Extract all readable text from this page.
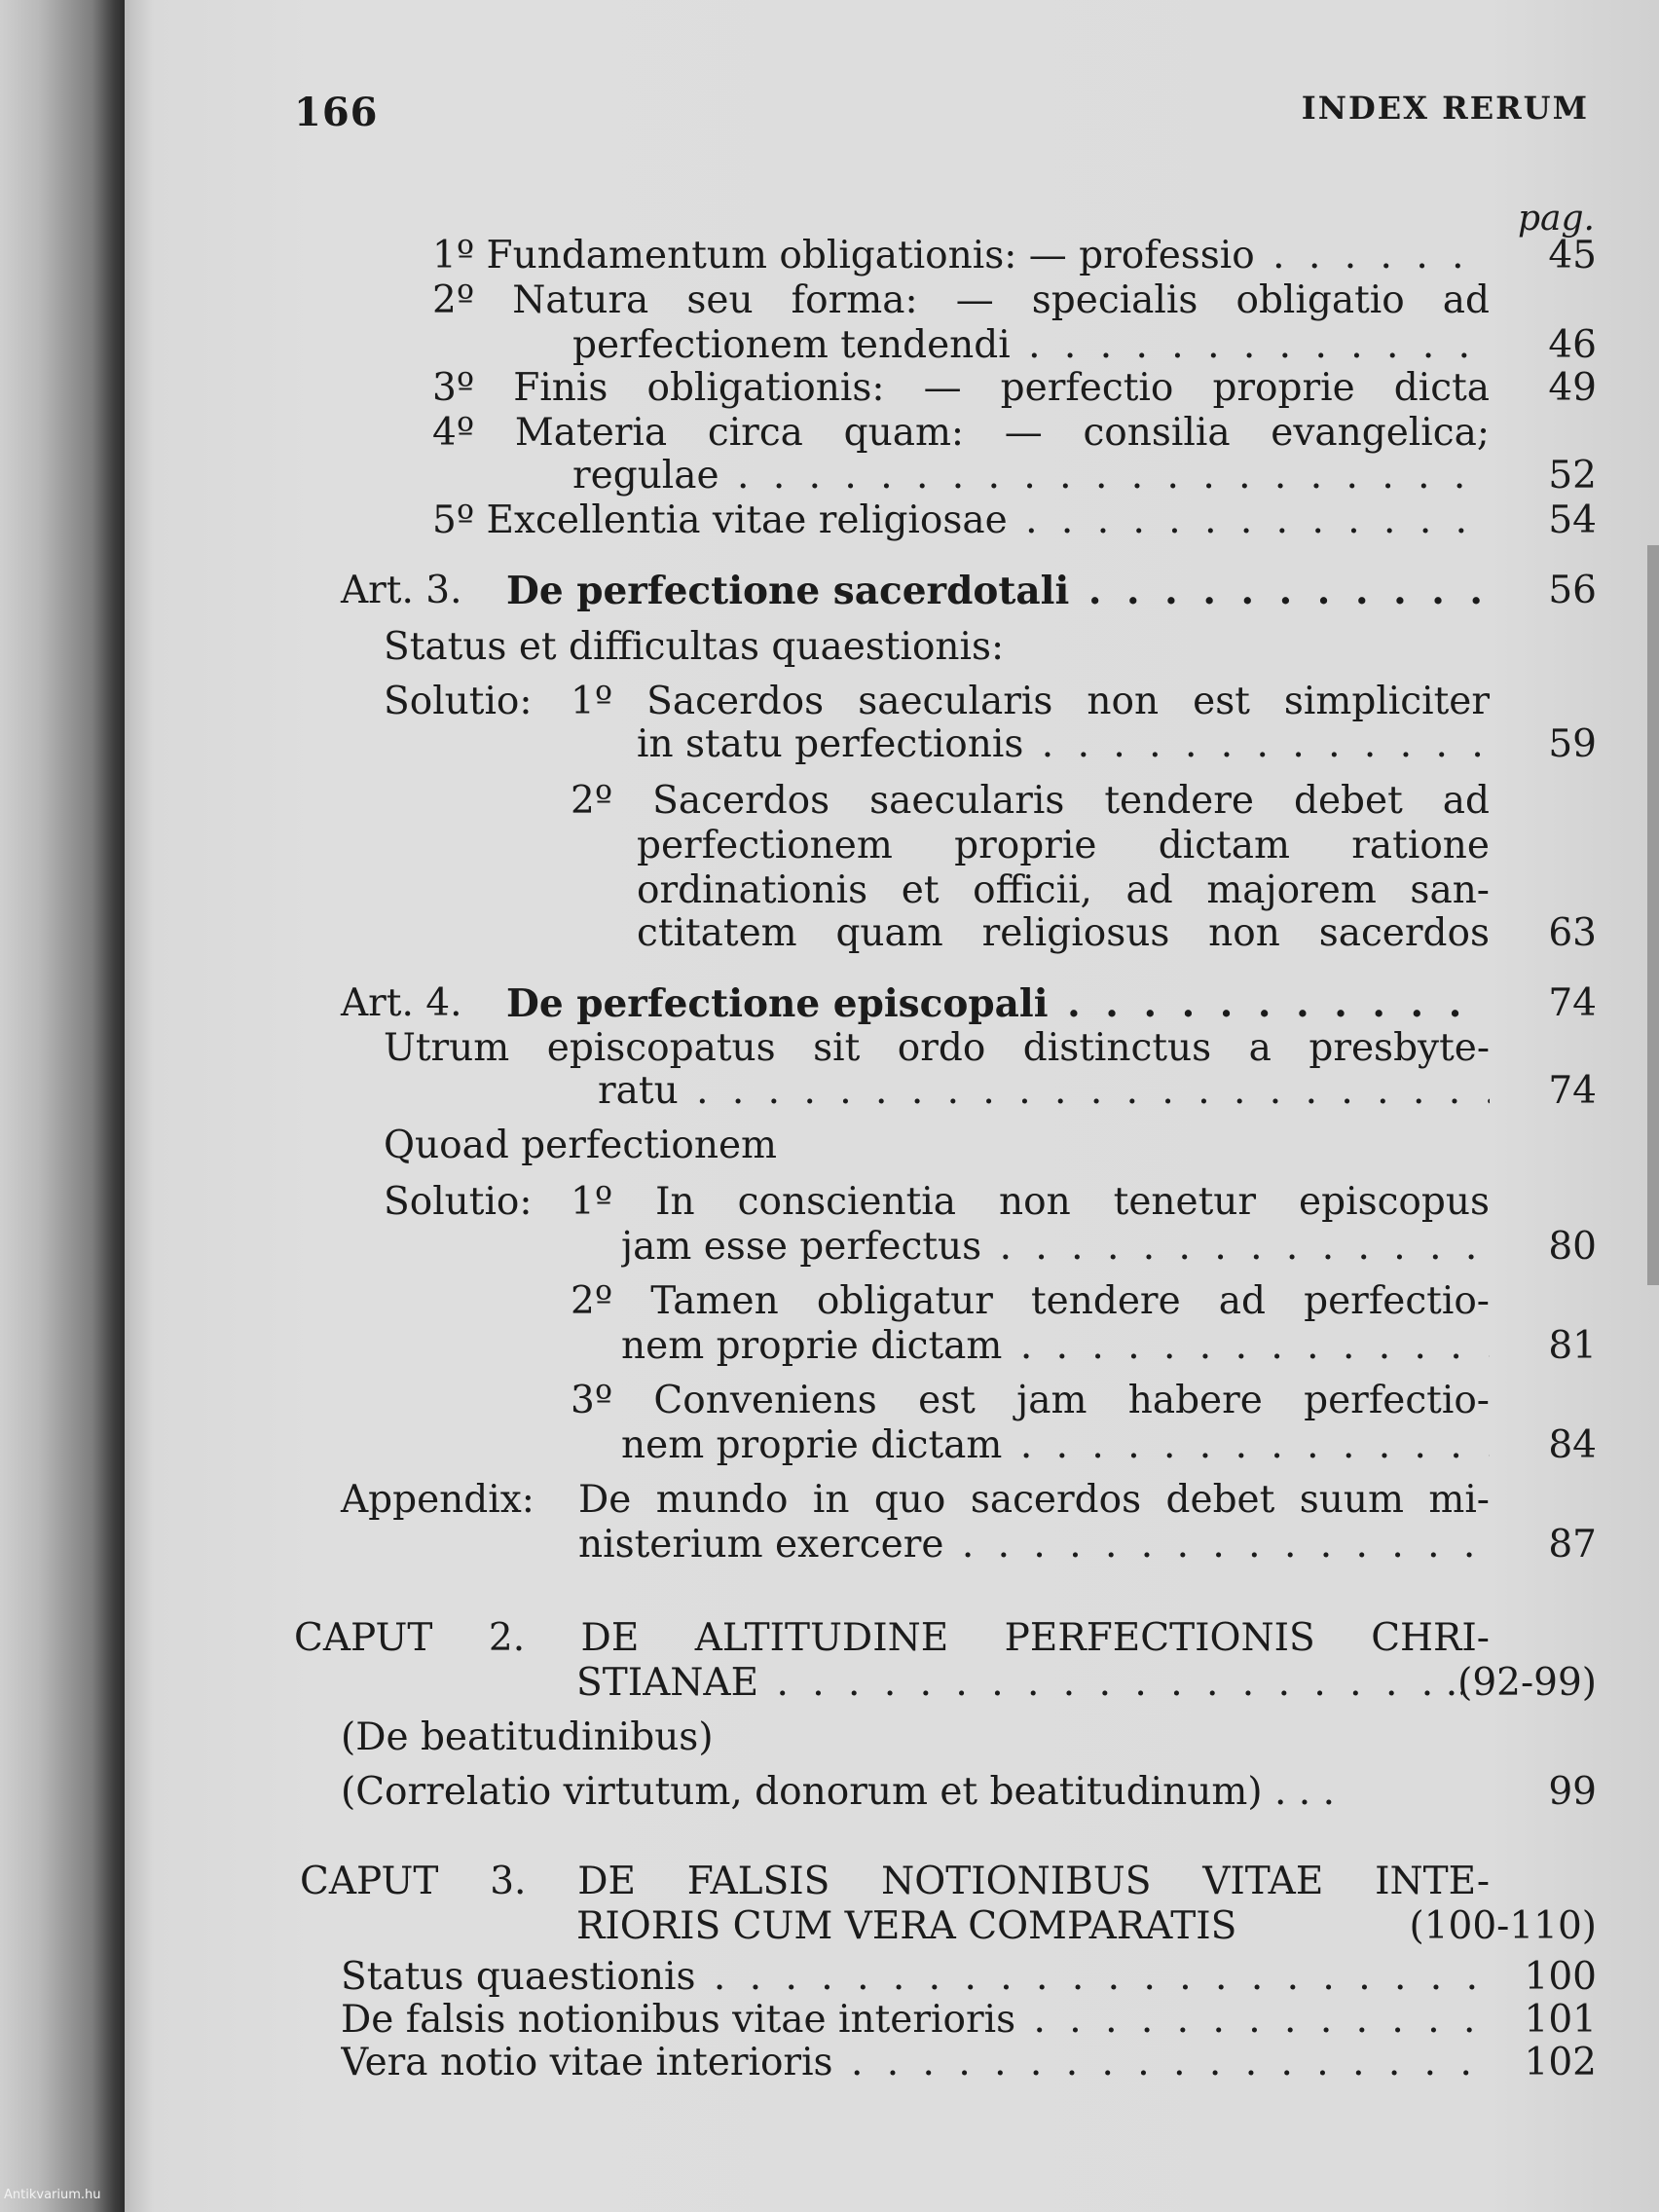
166	INDEX RERUM
pag.
1º Fundamentum obligationis: — professio . . .	45
2º Natura seu forma: — specialis obligatio ad
perfectionem tendendi . . .	46
3º Finis obligationis: — perfectio proprie dicta	49
4º Materia circa quam: — consilia evangelica;
regulae . . .	52
5º Excellentia vitae religiosae . . .	54
Art. 3. De perfectione sacerdotali . . .	56
Status et difficultas quaestionis:
Solutio: 1º Sacerdos saecularis non est simpliciter
in statu perfectionis . . .	59
2º Sacerdos saecularis tendere debet ad
perfectionem proprie dictam ratione
ordinationis et officii, ad majorem san-
ctitatem quam religiosus non sacerdos	63
Art. 4. De perfectione episcopali . . .	74
Utrum episcopatus sit ordo distinctus a presbyte-
ratu . . .	74
Quoad perfectionem
Solutio: 1º In conscientia non tenetur episcopus
jam esse perfectus . . .	80
2º Tamen obligatur tendere ad perfectio-
nem proprie dictam . . .	81
3º Conveniens est jam habere perfectio-
nem proprie dictam . . .	84
Appendix: De mundo in quo sacerdos debet suum mi-
nisterium exercere . . .	87
CAPUT 2. DE ALTITUDINE PERFECTIONIS CHRI-
STIANAE . . .	.(92-99)
(De beatitudinibus)
(Correlatio virtutum, donorum et beatitudinum) . . .	99
CAPUT 3. DE FALSIS NOTIONIBUS VITAE INTE-
RIORIS CUM VERA COMPARATIS	(100-110)
Status quaestionis . . .	100
De falsis notionibus vitae interioris . . .	101
Vera notio vitae interioris . . .	102
Antikvarium.hu
